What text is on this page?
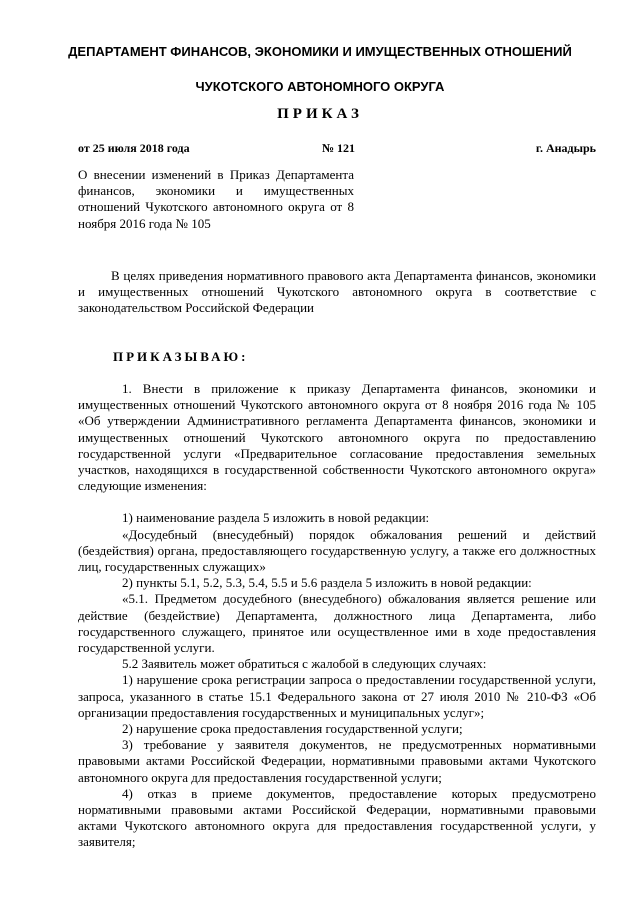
ДЕПАРТАМЕНТ ФИНАНСОВ, ЭКОНОМИКИ И ИМУЩЕСТВЕННЫХ ОТНОШЕНИЙ
ЧУКОТСКОГО АВТОНОМНОГО ОКРУГА
ПРИКАЗ
от 25 июля 2018 года	№ 121	г. Анадырь
О внесении изменений в Приказ Департамента финансов, экономики и имущественных отношений Чукотского автономного округа от 8 ноября 2016 года № 105
В целях приведения нормативного правового акта Департамента финансов, экономики и имущественных отношений Чукотского автономного округа в соответствие с законодательством Российской Федерации
ПРИКАЗЫВАЮ:

1. Внести в приложение к приказу Департамента финансов, экономики и имущественных отношений Чукотского автономного округа от 8 ноября 2016 года № 105 «Об утверждении Административного регламента Департамента финансов, экономики и имущественных отношений Чукотского автономного округа по предоставлению государственной услуги «Предварительное согласование предоставления земельных участков, находящихся в государственной собственности Чукотского автономного округа» следующие изменения:

1) наименование раздела 5 изложить в новой редакции:

«Досудебный (внесудебный) порядок обжалования решений и действий (бездействия) органа, предоставляющего государственную услугу, а также его должностных лиц, государственных служащих»

2) пункты 5.1, 5.2, 5.3, 5.4, 5.5 и 5.6 раздела 5 изложить в новой редакции:

«5.1. Предметом досудебного (внесудебного) обжалования является решение или действие (бездействие) Департамента, должностного лица Департамента, либо государственного служащего, принятое или осуществленное ими в ходе предоставления государственной услуги.

5.2 Заявитель может обратиться с жалобой в следующих случаях:

1) нарушение срока регистрации запроса о предоставлении государственной услуги, запроса, указанного в статье 15.1 Федерального закона от 27 июля 2010 № 210-ФЗ «Об организации предоставления государственных и муниципальных услуг»;

2) нарушение срока предоставления государственной услуги;

3) требование у заявителя документов, не предусмотренных нормативными правовыми актами Российской Федерации, нормативными правовыми актами Чукотского автономного округа для предоставления государственной услуги;

4) отказ в приеме документов, предоставление которых предусмотрено нормативными правовыми актами Российской Федерации, нормативными правовыми актами Чукотского автономного округа для предоставления государственной услуги, у заявителя;
